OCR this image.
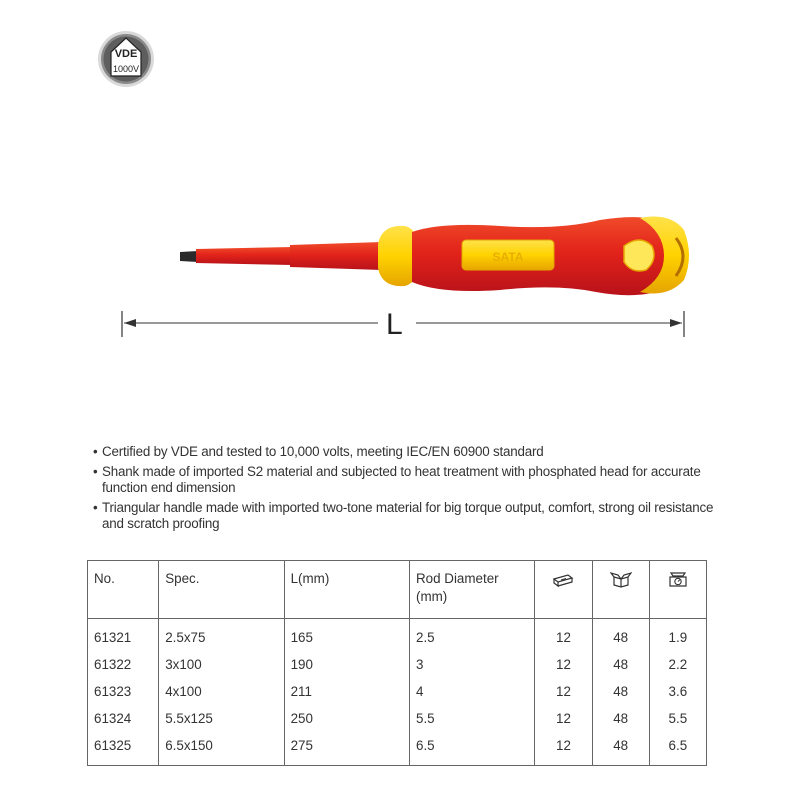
VDE
1000V
SATA
L
• Certified by VDE and tested to 10,000 volts, meeting IEC/EN 60900 standard
• Shank made of imported S2 material and subjected to heat treatment with phosphated head for accurate function end dimension
• Triangular handle made with imported two-tone material for big torque output, comfort, strong oil resistance and scratch proofing
No.	Spec.	L(mm)	Rod Diameter
(mm)			
61321	2.5x75	165	2.5	12	48	1.9
61322	3x100	190	3	12	48	2.2
61323	4x100	211	4	12	48	3.6
61324	5.5x125	250	5.5	12	48	5.5
61325	6.5x150	275	6.5	12	48	6.5
